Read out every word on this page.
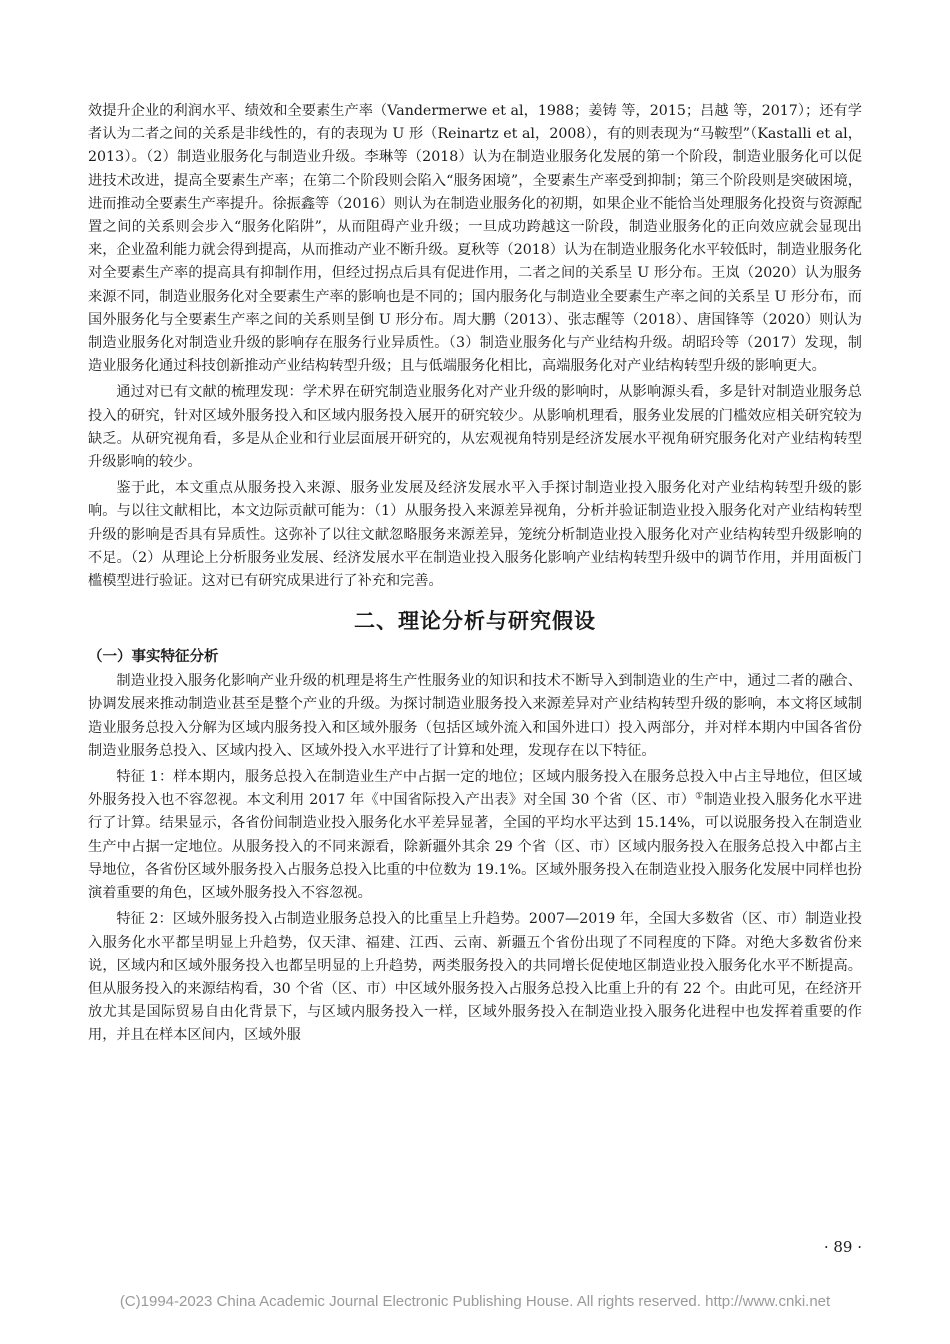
效提升企业的利润水平、绩效和全要素生产率（Vandermerwe et al，1988；姜铸 等，2015；吕越 等，2017）；还有学者认为二者之间的关系是非线性的，有的表现为 U 形（Reinartz et al，2008），有的则表现为“马鞍型”（Kastalli et al，2013）。（2）制造业服务化与制造业升级。李琳等（2018）认为在制造业服务化发展的第一个阶段，制造业服务化可以促进技术改进，提高全要素生产率；在第二个阶段则会陷入“服务困境”，全要素生产率受到抑制；第三个阶段则是突破困境，进而推动全要素生产率提升。徐振鑫等（2016）则认为在制造业服务化的初期，如果企业不能恰当处理服务化投资与资源配置之间的关系则会步入“服务化陷阱”，从而阻碍产业升级；一旦成功跨越这一阶段，制造业服务化的正向效应就会显现出来，企业盈利能力就会得到提高，从而推动产业不断升级。夏秋等（2018）认为在制造业服务化水平较低时，制造业服务化对全要素生产率的提高具有抑制作用，但经过拐点后具有促进作用，二者之间的关系呈 U 形分布。王岚（2020）认为服务来源不同，制造业服务化对全要素生产率的影响也是不同的；国内服务化与制造业全要素生产率之间的关系呈 U 形分布，而国外服务化与全要素生产率之间的关系则呈倒 U 形分布。周大鹏（2013）、张志醒等（2018）、唐国锋等（2020）则认为制造业服务化对制造业升级的影响存在服务行业异质性。（3）制造业服务化与产业结构升级。胡昭玲等（2017）发现，制造业服务化通过科技创新推动产业结构转型升级；且与低端服务化相比，高端服务化对产业结构转型升级的影响更大。

通过对已有文献的梳理发现：学术界在研究制造业服务化对产业升级的影响时，从影响源头看，多是针对制造业服务总投入的研究，针对区域外服务投入和区域内服务投入展开的研究较少。从影响机理看，服务业发展的门槛效应相关研究较为缺乏。从研究视角看，多是从企业和行业层面展开研究的，从宏观视角特别是经济发展水平视角研究服务化对产业结构转型升级影响的较少。

鉴于此，本文重点从服务投入来源、服务业发展及经济发展水平入手探讨制造业投入服务化对产业结构转型升级的影响。与以往文献相比，本文边际贡献可能为：（1）从服务投入来源差异视角，分析并验证制造业投入服务化对产业结构转型升级的影响是否具有异质性。这弥补了以往文献忽略服务来源差异，笼统分析制造业投入服务化对产业结构转型升级影响的不足。（2）从理论上分析服务业发展、经济发展水平在制造业投入服务化影响产业结构转型升级中的调节作用，并用面板门槛模型进行验证。这对已有研究成果进行了补充和完善。

二、理论分析与研究假设
（一）事实特征分析

制造业投入服务化影响产业升级的机理是将生产性服务业的知识和技术不断导入到制造业的生产中，通过二者的融合、协调发展来推动制造业甚至是整个产业的升级。为探讨制造业服务投入来源差异对产业结构转型升级的影响，本文将区域制造业服务总投入分解为区域内服务投入和区域外服务（包括区域外流入和国外进口）投入两部分，并对样本期内中国各省份制造业服务总投入、区域内投入、区域外投入水平进行了计算和处理，发现存在以下特征。

特征 1：样本期内，服务总投入在制造业生产中占据一定的地位；区域内服务投入在服务总投入中占主导地位，但区域外服务投入也不容忽视。本文利用 2017 年《中国省际投入产出表》对全国 30 个省（区、市）①制造业投入服务化水平进行了计算。结果显示，各省份间制造业投入服务化水平差异显著，全国的平均水平达到 15.14%，可以说服务投入在制造业生产中占据一定地位。从服务投入的不同来源看，除新疆外其余 29 个省（区、市）区域内服务投入在服务总投入中都占主导地位，各省份区域外服务投入占服务总投入比重的中位数为 19.1%。区域外服务投入在制造业投入服务化发展中同样也扮演着重要的角色，区域外服务投入不容忽视。

特征 2：区域外服务投入占制造业服务总投入的比重呈上升趋势。2007—2019 年，全国大多数省（区、市）制造业投入服务化水平都呈明显上升趋势，仅天津、福建、江西、云南、新疆五个省份出现了不同程度的下降。对绝大多数省份来说，区域内和区域外服务投入也都呈明显的上升趋势，两类服务投入的共同增长促使地区制造业投入服务化水平不断提高。但从服务投入的来源结构看，30 个省（区、市）中区域外服务投入占服务总投入比重上升的有 22 个。由此可见，在经济开放尤其是国际贸易自由化背景下，与区域内服务投入一样，区域外服务投入在制造业投入服务化进程中也发挥着重要的作用，并且在样本区间内，区域外服

· 89 ·
(C)1994-2023 China Academic Journal Electronic Publishing House. All rights reserved. http://www.cnki.net
